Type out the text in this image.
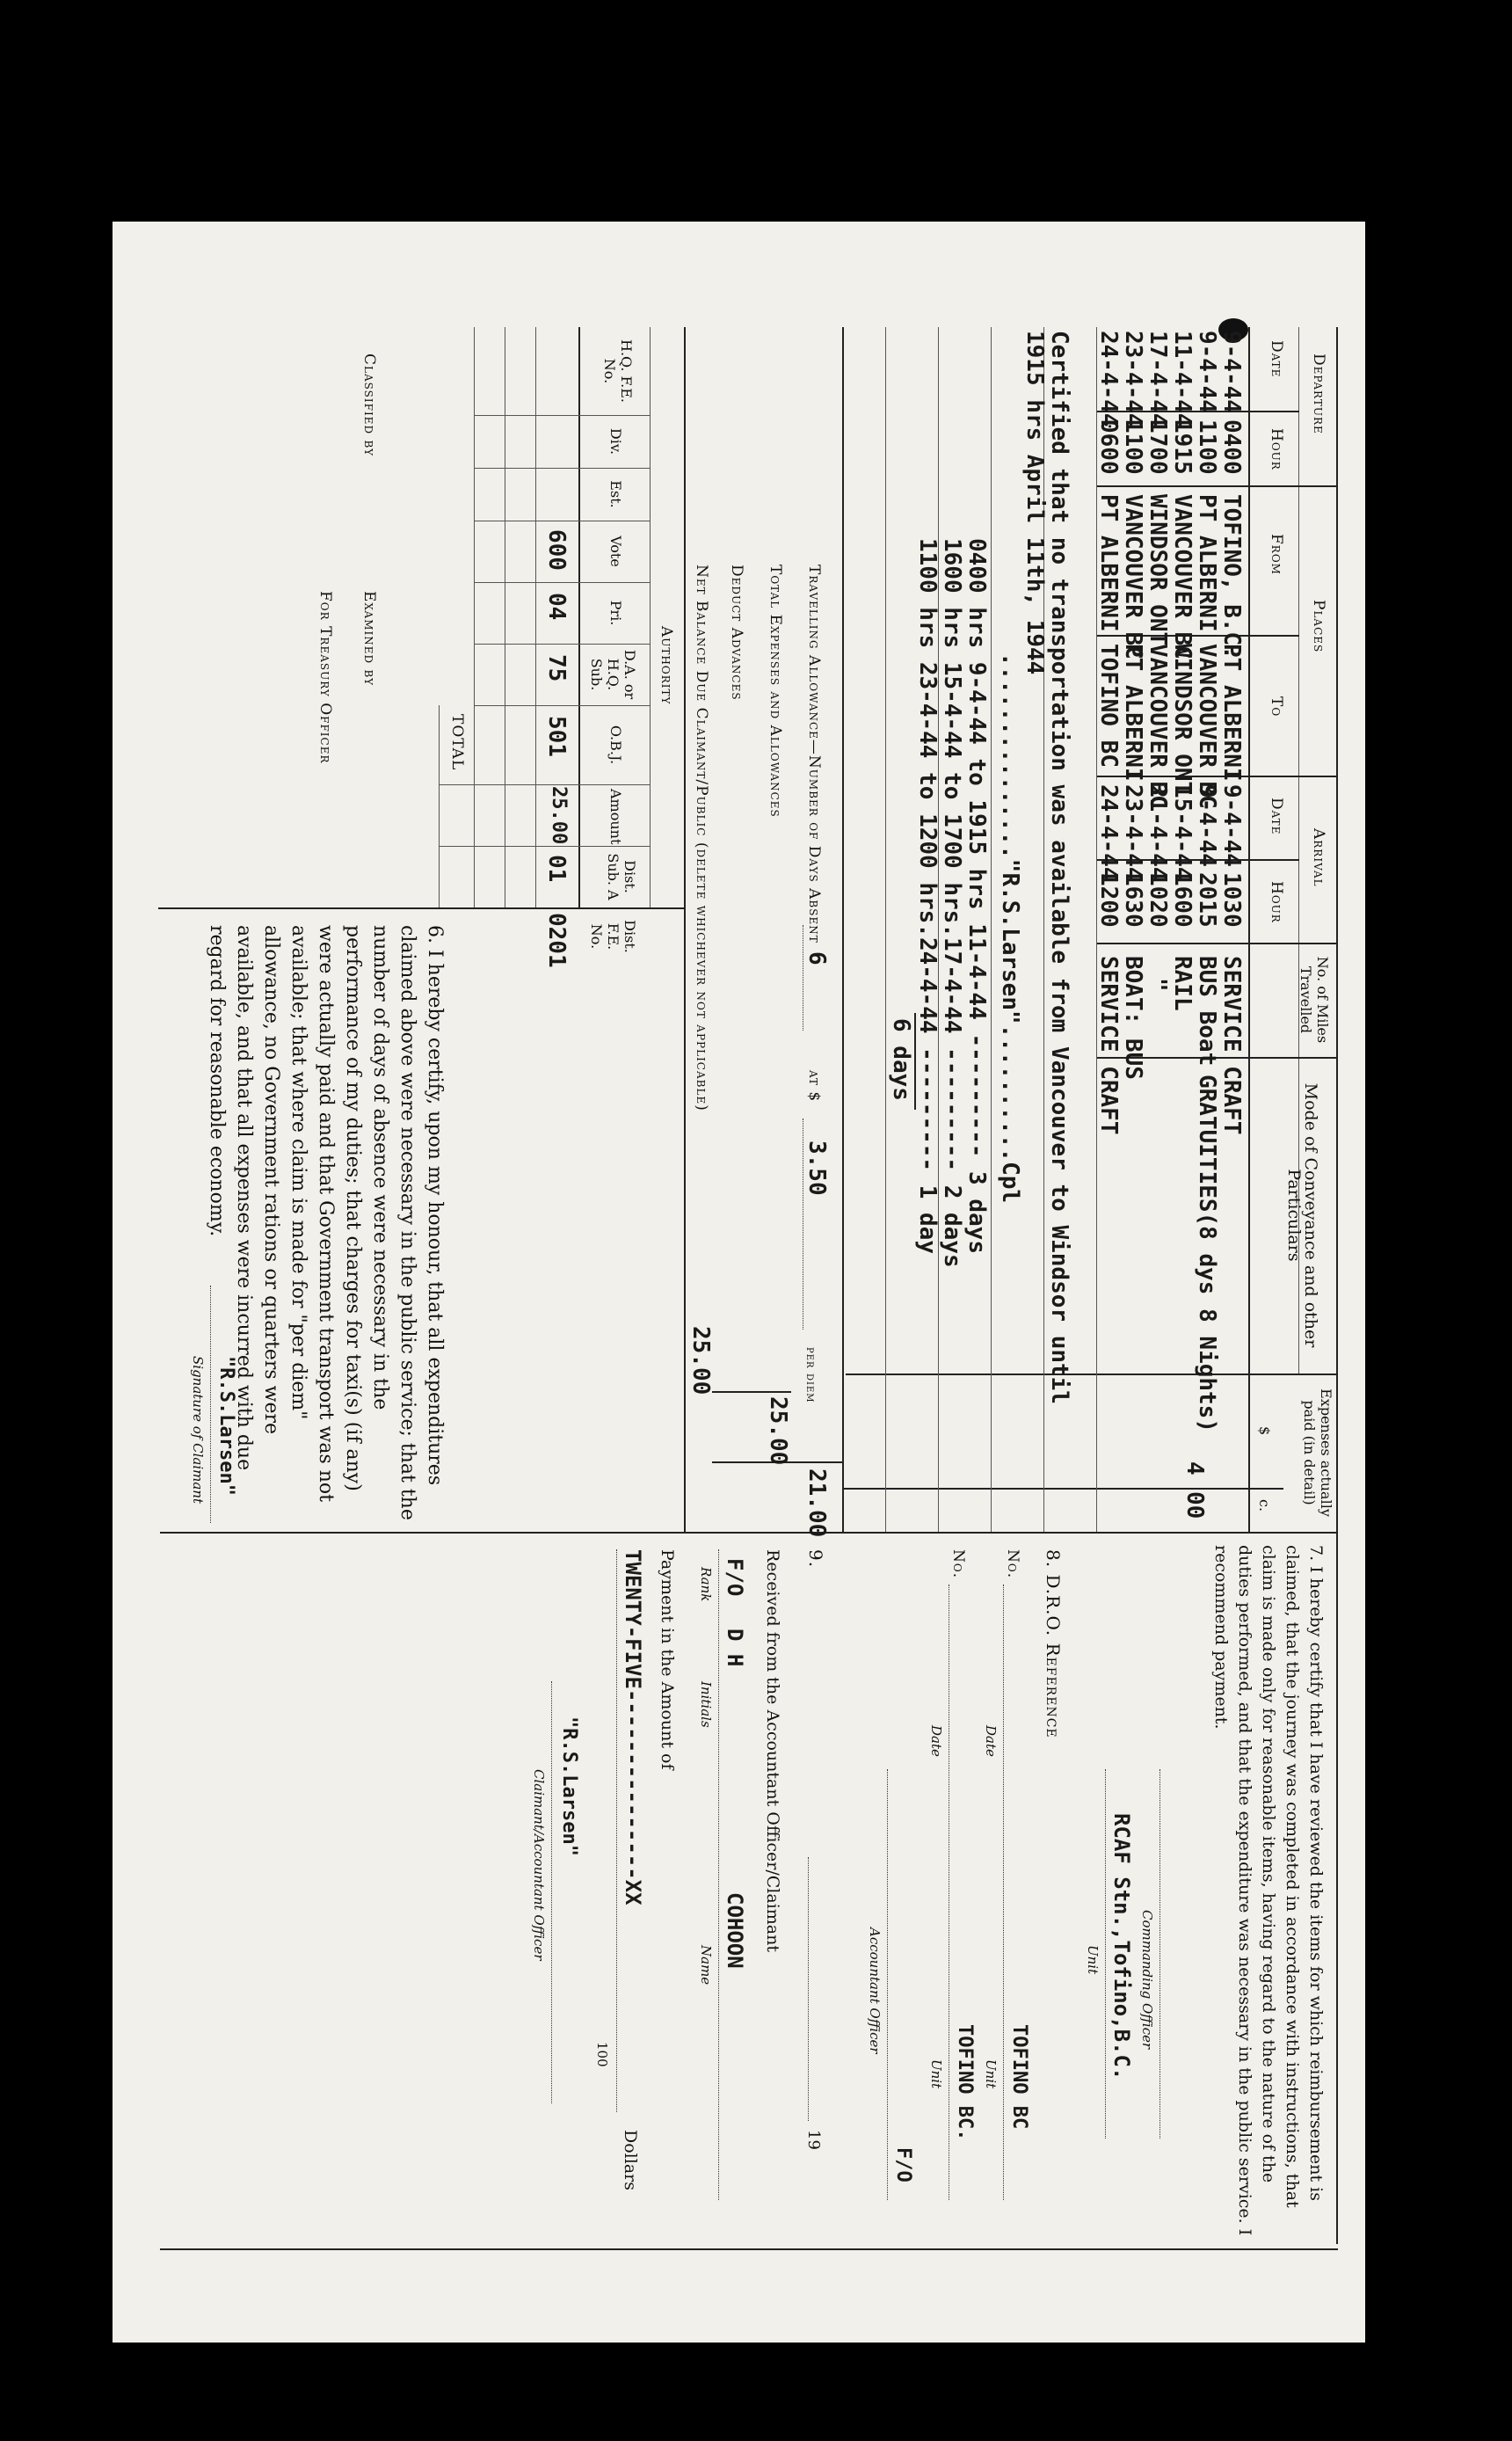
Departure
Date
Hour
Places
From
To
Arrival
Date
Hour
No. of Miles Travelled
Mode of Conveyance and other Particulars
Expenses actually paid (in detail)
$
c.
9-4-44
0400
TOFINO, B.C.
PT ALBERNI
9-4-44
1030
SERVICE CRAFT
9-4-44
1100
PT ALBERNI
VANCOUVER BC
9-4-44
2015
BUS Boat
GRATUITIES(8 dys 8 Nights)
4
00
11-4-44
1915
VANCOUVER BC
WINDSOR ONT
15-4-44
1600
RAIL
17-4-44
1700
WINDSOR ONT
VANCOUVER BC
21-4-44
1020
"
23-4-44
1100
VANCOUVER BC
PT ALBERNI
23-4-44
1630
BOAT: BUS
24-4-44
0600
PT ALBERNI
TOFINO BC
24-4-44
1200
SERVICE CRAFT
Certified that no transportation was available from Vancouver to Windsor until
1915 hrs April 11th, 1944
..............."R.S.Larsen"..........Cpl
0400 hrs 9-4-44 to 1915 hrs 11-4-44 --------- 3 days
1600 hrs 15-4-44 to 1700 hrs.17-4-44 --------- 2 days
1100 hrs 23-4-44 to 1200 hrs.24-4-44 --------- 1 day
6 days
Travelling Allowance—Number of Days Absent
6
at $
3.50
per diem
21.00
Total Expenses and Allowances
25.00
Deduct Advances
Net Balance Due Claimant/Public (delete whichever not applicable)
25.00
Authority
H.Q. F.E. No.
Div.
Est.
Vote
Pri.
D.A. or H.Q. Sub.
O.B.J.
Amount
Dist. Sub. A
600
04
75
501
25.00
01
TOTAL
Dist. F.E. No.
0201
Classified by
Examined by
For Treasury Officer
6. I hereby certify, upon my honour, that all expenditures claimed above were necessary in the public service; that the number of days of absence were necessary in the performance of my duties; that charges for taxi(s) (if any) were actually paid and that Government transport was not available; that where claim is made for "per diem" allowance, no Government rations or quarters were available, and that all expenses were incurred with due regard for reasonable economy.
"R.S.Larsen"
Signature of Claimant
7. I hereby certify that I have reviewed the items for which reimbursement is claimed, that the journey was completed in accordance with instructions, that claim is made only for reasonable items, having regard to the nature of the duties performed, and that the expenditure was necessary in the public service. I recommend payment.
Commanding Officer
RCAF Stn.,Tofino,B.C.
Unit
8. D.R.O. Reference
No.
TOFINO BC
Date
Unit
No.
TOFINO BC.
Date
Unit
F/O
Accountant Officer
9.
19
Received from the Accountant Officer/Claimant
F/O
D H
COHOON
Rank
Initials
Name
Payment in the Amount of
TWENTY-FIVE---------------XX
Dollars
100
"R.S.Larsen"
Claimant/Accountant Officer
